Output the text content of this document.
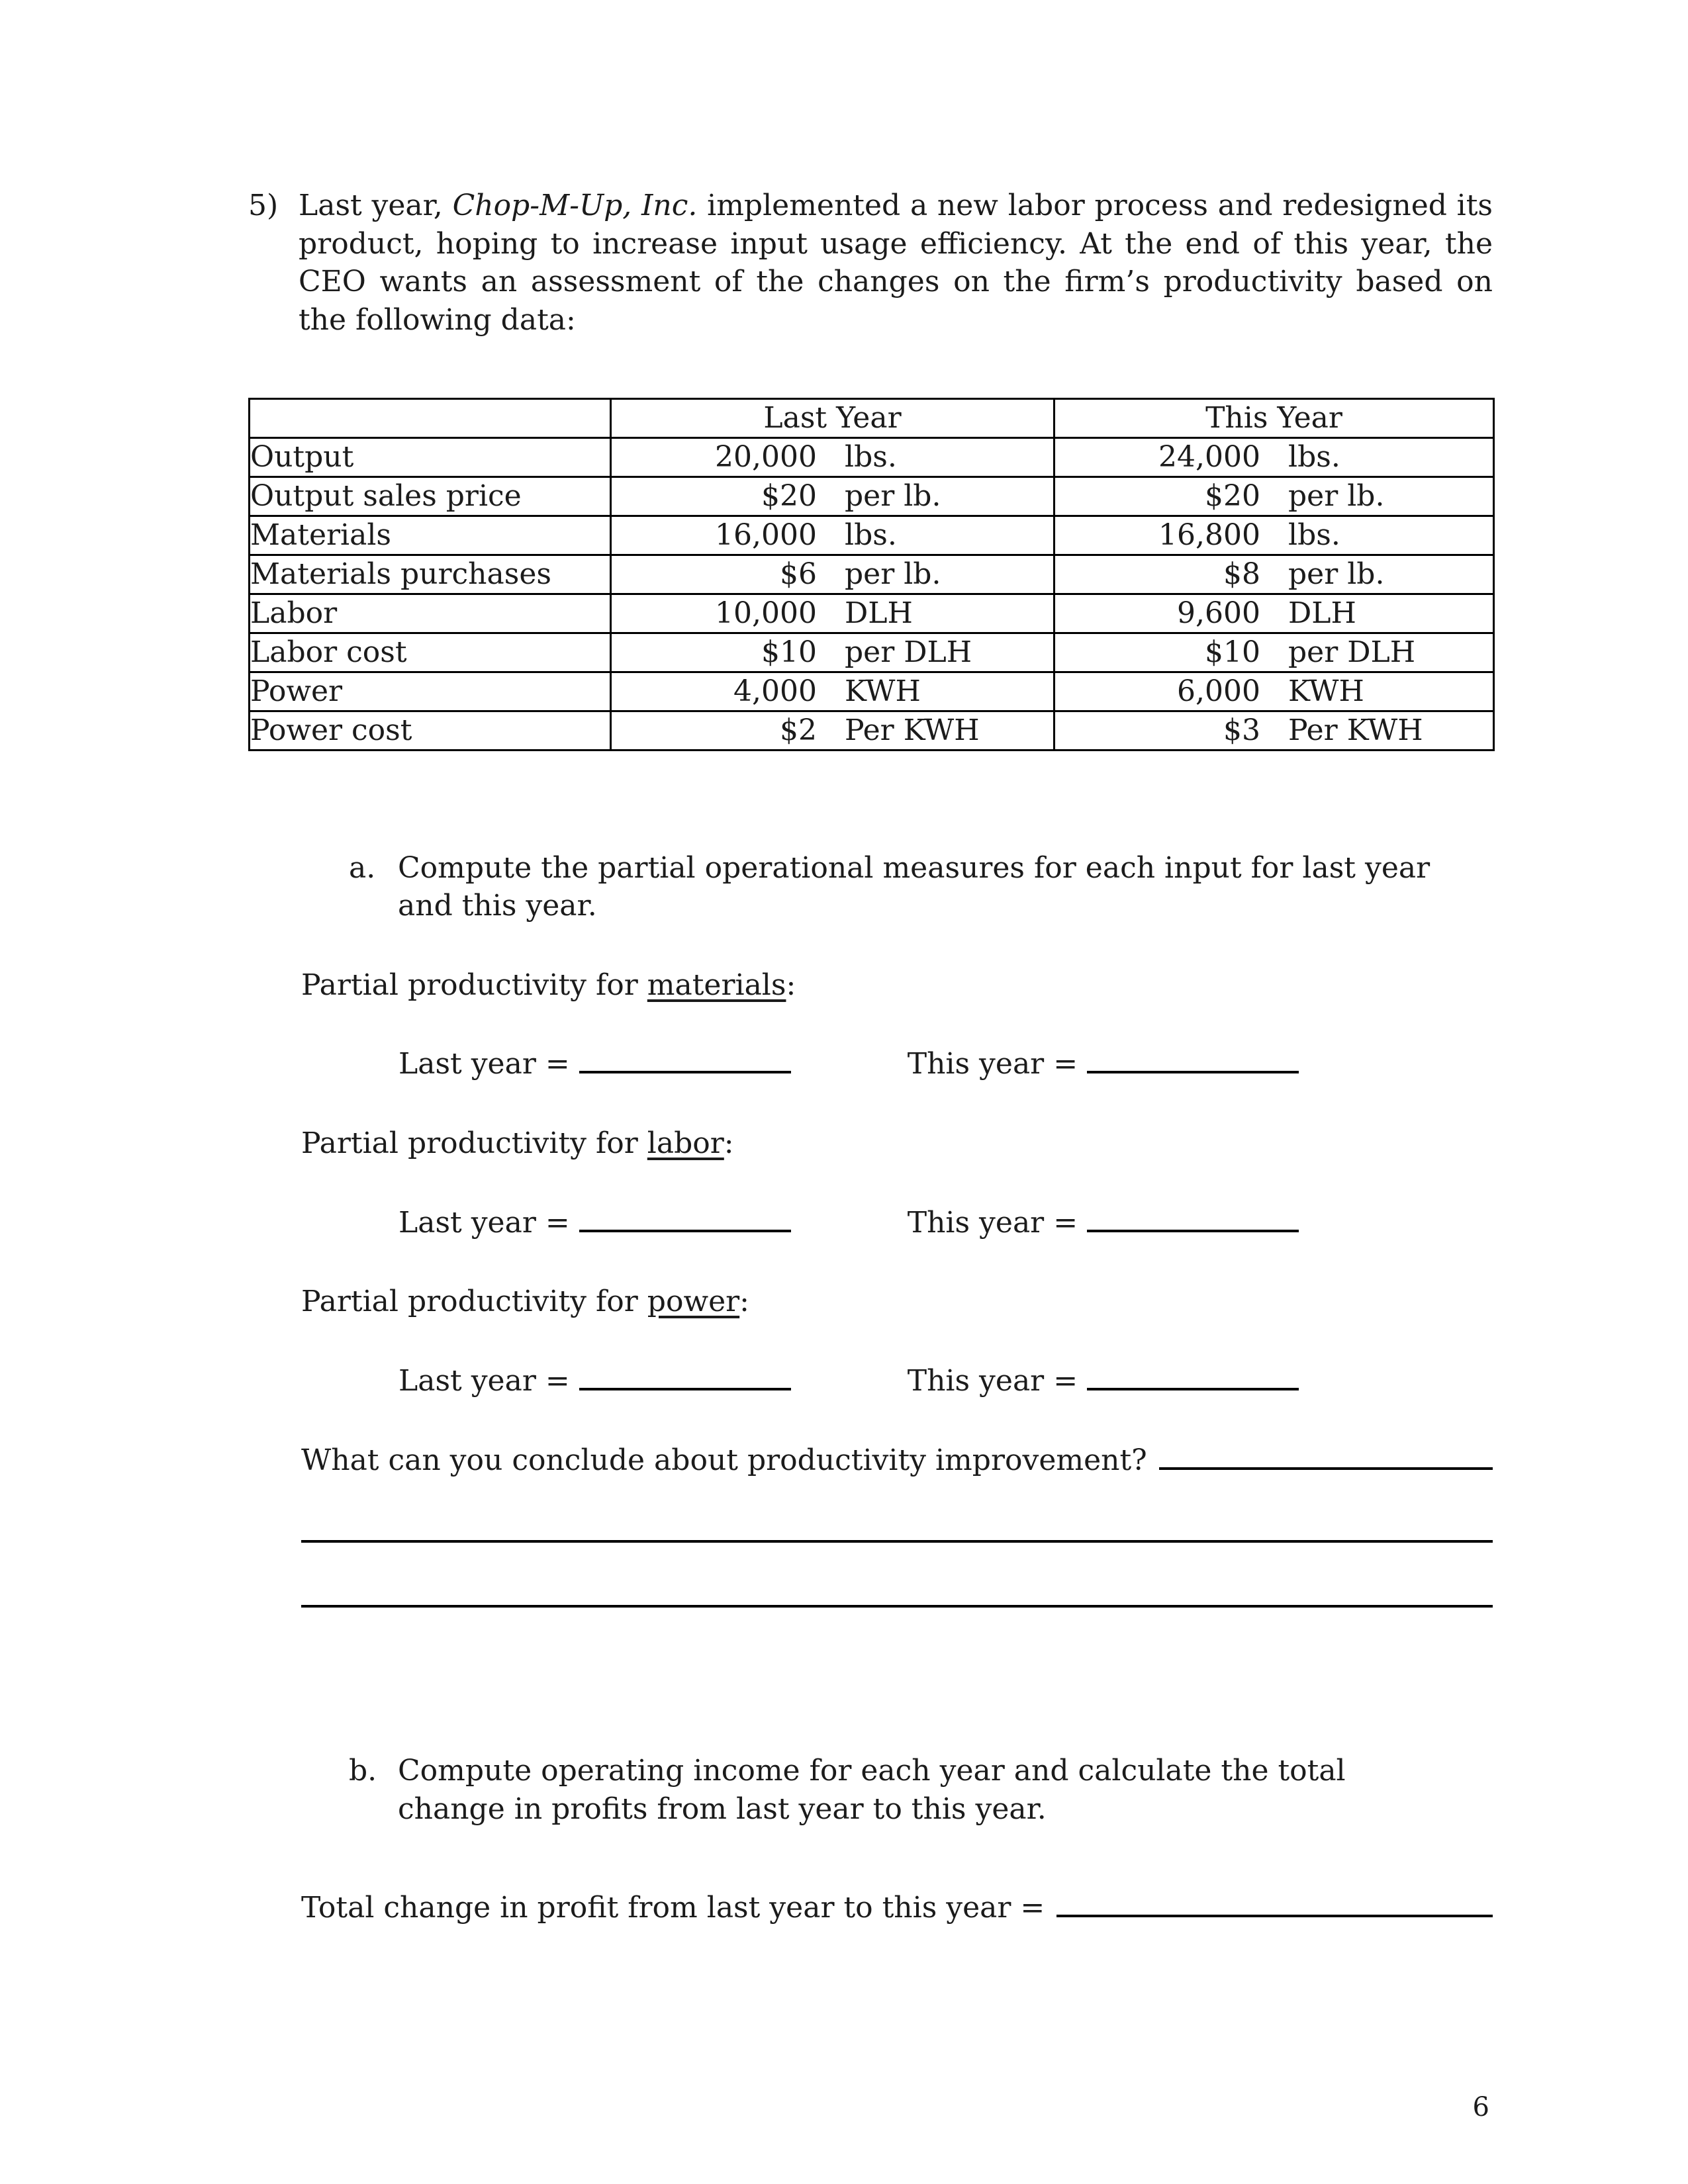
5) Last year, Chop-M-Up, Inc. implemented a new labor process and redesigned its product, hoping to increase input usage efficiency. At the end of this year, the CEO wants an assessment of the changes on the firm’s productivity based on the following data:

	Last Year	This Year
Output	20,000 lbs.	24,000 lbs.

Output sales price	$20 per lb.	$20 per lb.

Materials	16,000 lbs.	16,800 lbs.

Materials purchases	$6 per lb.	$8 per lb.

Labor	10,000 DLH	9,600 DLH

Labor cost	$10 per DLH	$10 per DLH

Power	4,000 KWH	6,000 KWH

Power cost	$2 Per KWH	$3 Per KWH
a. Compute the partial operational measures for each input for last year and this year.

Partial productivity for materials:

Last year =	This year =

Partial productivity for labor:

Last year =	This year =

Partial productivity for power:

Last year =	This year =
What can you conclude about productivity improvement?
b. Compute operating income for each year and calculate the total change in profits from last year to this year.

Total change in profit from last year to this year =
6
